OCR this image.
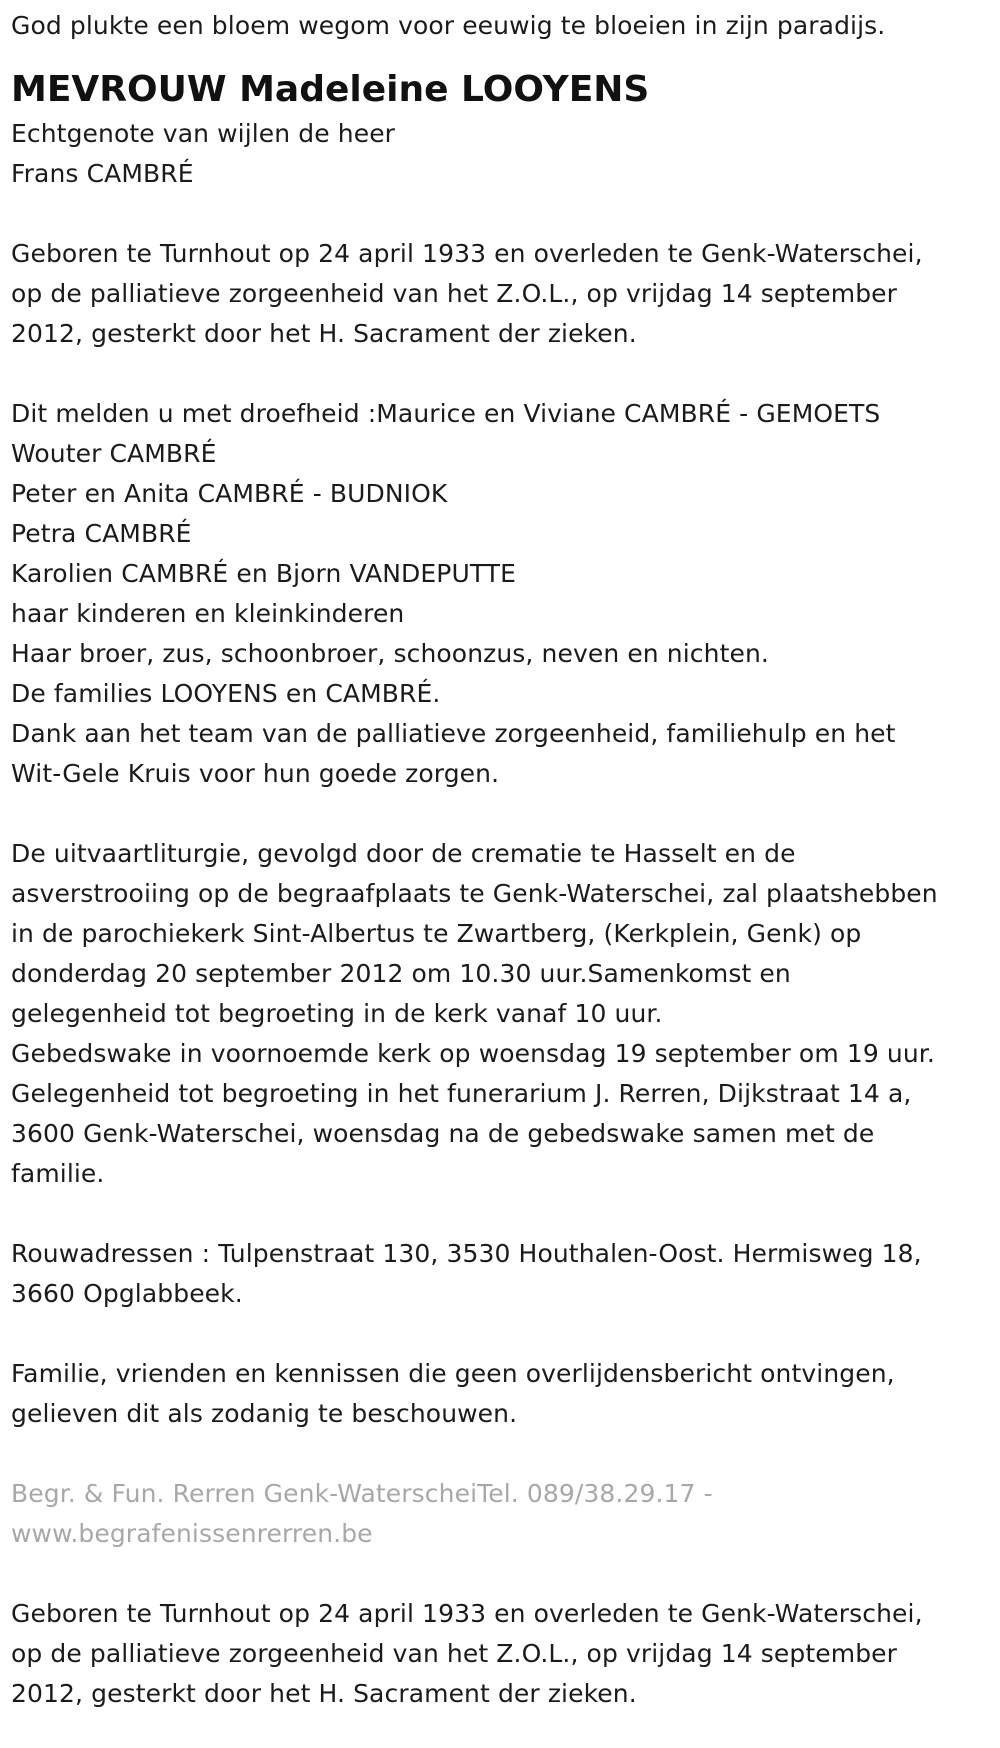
God plukte een bloem wegom voor eeuwig te bloeien in zijn paradijs.
MEVROUW Madeleine LOOYENS
Echtgenote van wijlen de heer
Frans CAMBRÉ
Geboren te Turnhout op 24 april 1933 en overleden te Genk-Waterschei,
op de palliatieve zorgeenheid van het Z.O.L., op vrijdag 14 september
2012, gesterkt door het H. Sacrament der zieken.
Dit melden u met droefheid :Maurice en Viviane CAMBRÉ - GEMOETS
Wouter CAMBRÉ
Peter en Anita CAMBRÉ - BUDNIOK
Petra CAMBRÉ
Karolien CAMBRÉ en Bjorn VANDEPUTTE
haar kinderen en kleinkinderen
Haar broer, zus, schoonbroer, schoonzus, neven en nichten.
De families LOOYENS en CAMBRÉ.
Dank aan het team van de palliatieve zorgeenheid, familiehulp en het
Wit-Gele Kruis voor hun goede zorgen.
De uitvaartliturgie, gevolgd door de crematie te Hasselt en de
asverstrooiing op de begraafplaats te Genk-Waterschei, zal plaatshebben
in de parochiekerk Sint-Albertus te Zwartberg, (Kerkplein, Genk) op
donderdag 20 september 2012 om 10.30 uur.Samenkomst en
gelegenheid tot begroeting in de kerk vanaf 10 uur.
Gebedswake in voornoemde kerk op woensdag 19 september om 19 uur.
Gelegenheid tot begroeting in het funerarium J. Rerren, Dijkstraat 14 a,
3600 Genk-Waterschei, woensdag na de gebedswake samen met de
familie.
Rouwadressen : Tulpenstraat 130, 3530 Houthalen-Oost. Hermisweg 18,
3660 Opglabbeek.
Familie, vrienden en kennissen die geen overlijdensbericht ontvingen,
gelieven dit als zodanig te beschouwen.
Begr. & Fun. Rerren Genk-WaterscheiTel. 089/38.29.17 -
www.begrafenissenrerren.be
Geboren te Turnhout op 24 april 1933 en overleden te Genk-Waterschei,
op de palliatieve zorgeenheid van het Z.O.L., op vrijdag 14 september
2012, gesterkt door het H. Sacrament der zieken.
